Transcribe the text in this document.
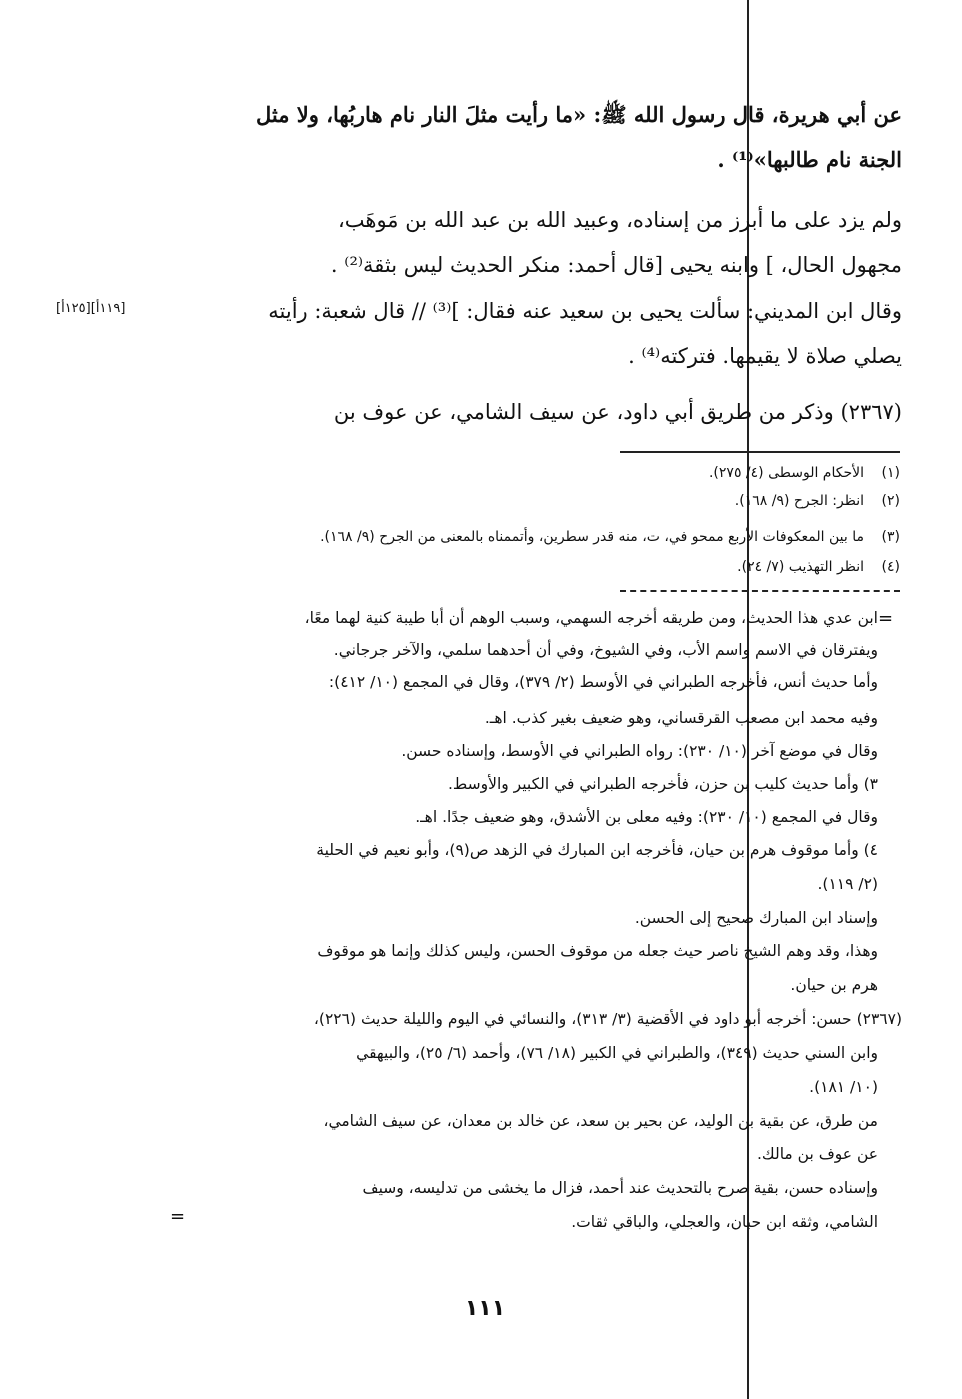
عن أبي هريرة، قال رسول الله ﷺ: «ما رأيت مثلَ النار نام هاربُها، ولا مثل
الجنة نام طالبها»⁽¹⁾ .
ولم يزد على ما أبرز من إسناده، وعبيد الله بن عبد الله بن مَوهَب،
مجهول الحال، ] وابنه يحيى [قال أحمد: منكر الحديث ليس بثقة⁽²⁾ .
وقال ابن المديني: سألت يحيى بن سعيد عنه فقال: ]⁽³⁾ // قال شعبة: رأيته
يصلي صلاة لا يقيمها. فتركته⁽⁴⁾ .
(٢٣٦٧) وذكر من طريق أبي داود، عن سيف الشامي، عن عوف بن
[١٢٥أ][١١٩أ]
(١)الأحكام الوسطى (٤/ ٢٧٥).
(٢)انظر: الجرح (٩/ ١٦٨).
(٣)ما بين المعكوفات الأربع ممحو في، ت، منه قدر سطرين، وأتممناه بالمعنى من الجرح (٩/ ١٦٨).
(٤)انظر التهذيب (٧/ ٢٤).
=
ابن عدي هذا الحديث، ومن طريقه أخرجه السهمي، وسبب الوهم أن أبا طيبة كنية لهما معًا،
ويفترقان في الاسم واسم الأب، وفي الشيوخ، وفي أن أحدهما سلمي، والآخر جرجاني.
وأما حديث أنس، فأخرجه الطبراني في الأوسط (٢/ ٣٧٩)، وقال في المجمع (١٠/ ٤١٢):
وفيه محمد ابن مصعب القرقساني، وهو ضعيف بغير كذب. اهـ.
وقال في موضع آخر (١٠/ ٢٣٠): رواه الطبراني في الأوسط، وإسناده حسن.
٣) وأما حديث كليب بن حزن، فأخرجه الطبراني في الكبير والأوسط.
وقال في المجمع (١٠/ ٢٣٠): وفيه معلى بن الأشدق، وهو ضعيف جدًا. اهـ.
٤) وأما موقوف هرم بن حيان، فأخرجه ابن المبارك في الزهد ص(٩)، وأبو نعيم في الحلية
(٢/ ١١٩).
وإسناد ابن المبارك صحيح إلى الحسن.
وهذا، وقد وهم الشيخ ناصر حيث جعله من موقوف الحسن، وليس كذلك وإنما هو موقوف
هرم بن حيان.
(٢٣٦٧) حسن: أخرجه أبو داود في الأقضية (٣/ ٣١٣)، والنسائي في اليوم والليلة حديث (٢٢٦)،
وابن السني حديث (٣٤٩)، والطبراني في الكبير (١٨/ ٧٦)، وأحمد (٦/ ٢٥)، والبيهقي
(١٠/ ١٨١).
من طرق، عن بقية بن الوليد، عن بحير بن سعد، عن خالد بن معدان، عن سيف الشامي،
عن عوف بن مالك.
وإسناده حسن، بقية صرح بالتحديث عند أحمد، فزال ما يخشى من تدليسه، وسيف
الشامي، وثقه ابن حبان، والعجلي، والباقي ثقات.
=
١١١
